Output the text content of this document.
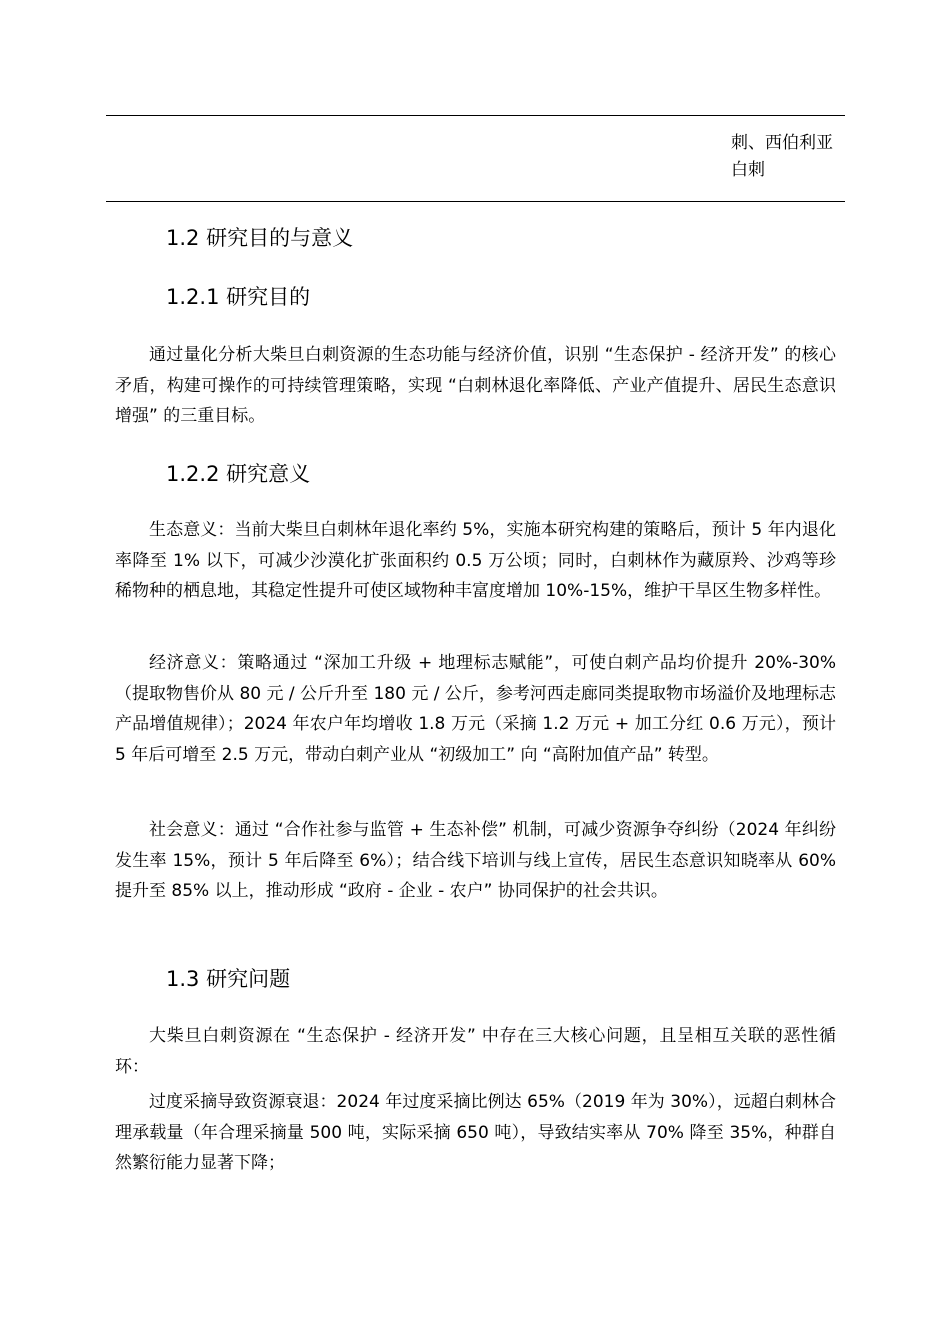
刺、西伯利亚白刺
1.2 研究目的与意义
1.2.1 研究目的

通过量化分析大柴旦白刺资源的生态功能与经济价值，识别 “生态保护 - 经济开发” 的核心矛盾，构建可操作的可持续管理策略，实现 “白刺林退化率降低、产业产值提升、居民生态意识增强” 的三重目标。

1.2.2 研究意义

生态意义：当前大柴旦白刺林年退化率约 5%，实施本研究构建的策略后，预计 5 年内退化率降至 1% 以下，可减少沙漠化扩张面积约 0.5 万公顷；同时，白刺林作为藏原羚、沙鸡等珍稀物种的栖息地，其稳定性提升可使区域物种丰富度增加 10%-15%，维护干旱区生物多样性。

经济意义：策略通过 “深加工升级 + 地理标志赋能”，可使白刺产品均价提升 20%-30%（提取物售价从 80 元 / 公斤升至 180 元 / 公斤，参考河西走廊同类提取物市场溢价及地理标志产品增值规律）；2024 年农户年均增收 1.8 万元（采摘 1.2 万元 + 加工分红 0.6 万元），预计 5 年后可增至 2.5 万元，带动白刺产业从 “初级加工” 向 “高附加值产品” 转型。

社会意义：通过 “合作社参与监管 + 生态补偿” 机制，可减少资源争夺纠纷（2024 年纠纷发生率 15%，预计 5 年后降至 6%）；结合线下培训与线上宣传，居民生态意识知晓率从 60% 提升至 85% 以上，推动形成 “政府 - 企业 - 农户” 协同保护的社会共识。

1.3 研究问题

大柴旦白刺资源在 “生态保护 - 经济开发” 中存在三大核心问题，且呈相互关联的恶性循环：

过度采摘导致资源衰退：2024 年过度采摘比例达 65%（2019 年为 30%），远超白刺林合理承载量（年合理采摘量 500 吨，实际采摘 650 吨），导致结实率从 70% 降至 35%，种群自然繁衍能力显著下降；
